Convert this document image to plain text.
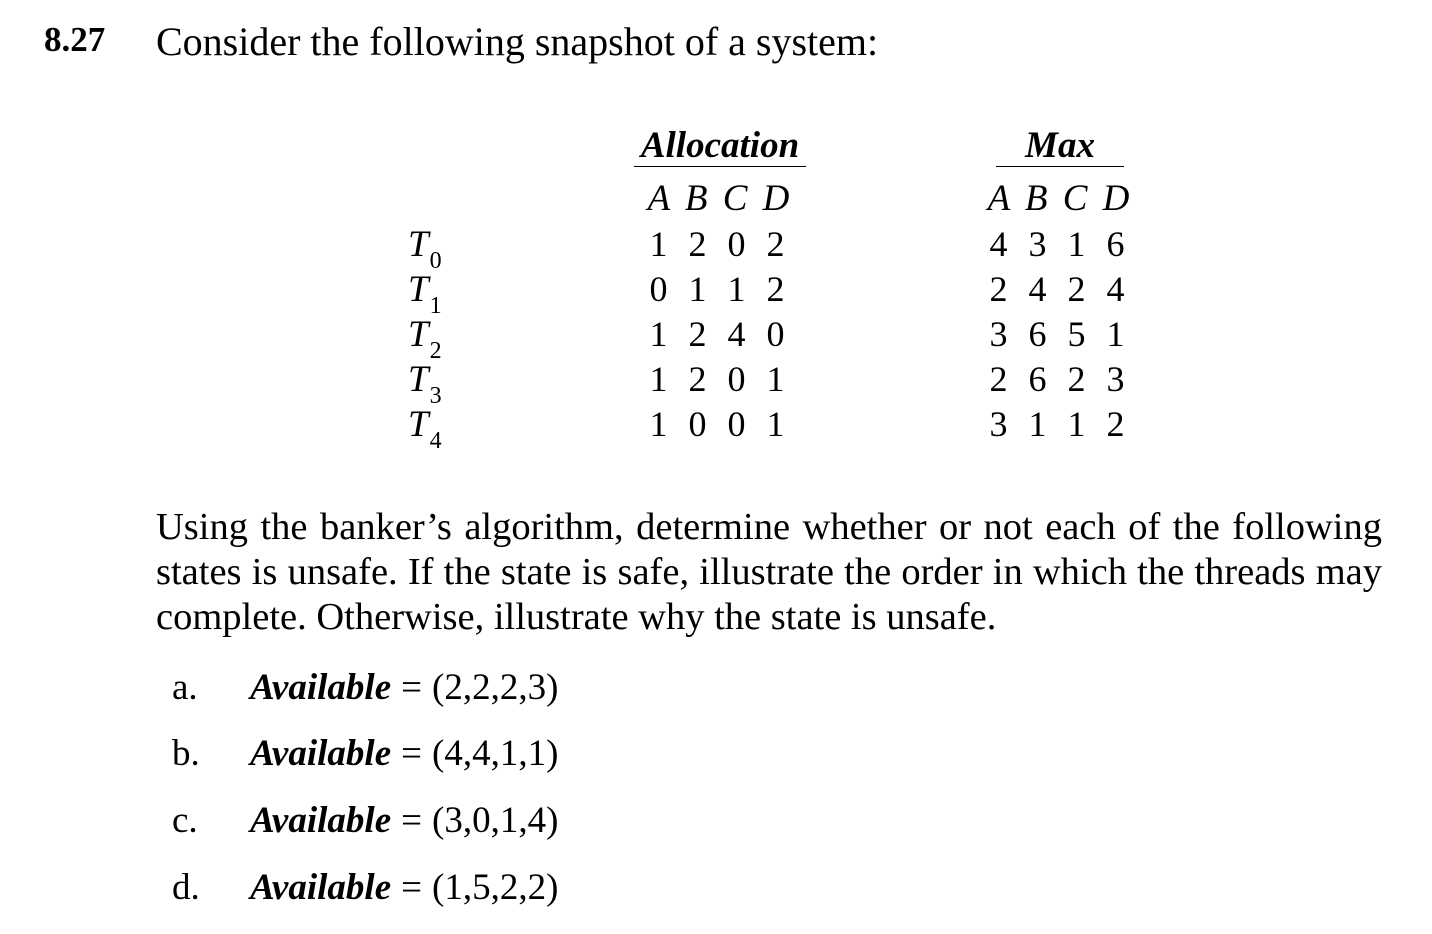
8.27 Consider the following snapshot of a system:
Allocation	Max
A B C D	A B C D
$T_0$
$T_1$
$T_2$
$T_3$
$T_4$
1 2 0 2
0 1 1 2
1 2 4 0
1 2 0 1
1 0 0 1
4 3 1 6
2 4 2 4
3 6 5 1
2 6 2 3
3 1 1 2
Using the banker’s algorithm, determine whether or not each of the following states is unsafe. If the state is safe, illustrate the order in which the threads may complete. Otherwise, illustrate why the state is unsafe.
a. Available = (2,2,2,3)
b. Available = (4,4,1,1)
c. Available = (3,0,1,4)
d. Available = (1,5,2,2)
